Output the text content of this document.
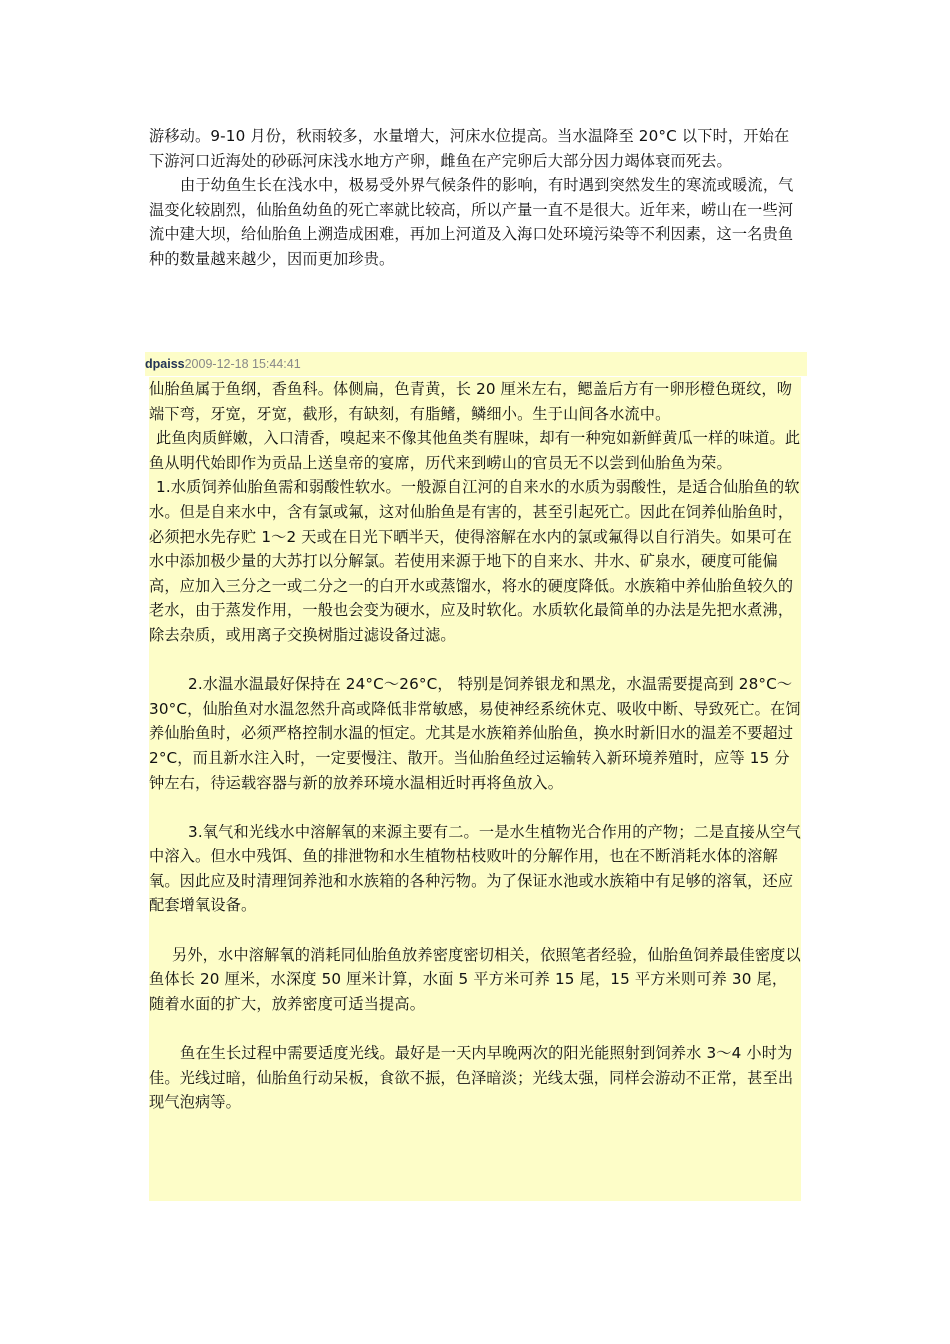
游移动。9-10 月份，秋雨较多，水量增大，河床水位提高。当水温降至 20°C 以下时，开始在下游河口近海处的砂砾河床浅水地方产卵，雌鱼在产完卵后大部分因力竭体衰而死去。

由于幼鱼生长在浅水中，极易受外界气候条件的影响，有时遇到突然发生的寒流或暖流，气温变化较剧烈，仙胎鱼幼鱼的死亡率就比较高，所以产量一直不是很大。近年来，崂山在一些河流中建大坝，给仙胎鱼上溯造成困难，再加上河道及入海口处环境污染等不利因素，这一名贵鱼种的数量越来越少，因而更加珍贵。

dpaiss2009-12-18 15:44:41

仙胎鱼属于鱼纲，香鱼科。体侧扁，色青黄，长 20 厘米左右，鳃盖后方有一卵形橙色斑纹，吻端下弯，牙宽，牙宽，截形，有缺刻，有脂鳍，鳞细小。生于山间各水流中。

此鱼肉质鲜嫩，入口清香，嗅起来不像其他鱼类有腥味，却有一种宛如新鲜黄瓜一样的味道。此鱼从明代始即作为贡品上送皇帝的宴席，历代来到崂山的官员无不以尝到仙胎鱼为荣。

1.水质饲养仙胎鱼需和弱酸性软水。一般源自江河的自来水的水质为弱酸性，是适合仙胎鱼的软水。但是自来水中，含有氯或氟，这对仙胎鱼是有害的，甚至引起死亡。因此在饲养仙胎鱼时，必须把水先存贮 1～2 天或在日光下晒半天，使得溶解在水内的氯或氟得以自行消失。如果可在水中添加极少量的大苏打以分解氯。若使用来源于地下的自来水、井水、矿泉水，硬度可能偏高，应加入三分之一或二分之一的白开水或蒸馏水，将水的硬度降低。水族箱中养仙胎鱼较久的老水，由于蒸发作用，一般也会变为硬水，应及时软化。水质软化最简单的办法是先把水煮沸，除去杂质，或用离子交换树脂过滤设备过滤。

2.水温水温最好保持在 24°C～26°C， 特别是饲养银龙和黑龙，水温需要提高到 28°C～30°C，仙胎鱼对水温忽然升高或降低非常敏感，易使神经系统休克、吸收中断、导致死亡。在饲养仙胎鱼时，必须严格控制水温的恒定。尤其是水族箱养仙胎鱼，换水时新旧水的温差不要超过 2°C，而且新水注入时，一定要慢注、散开。当仙胎鱼经过运输转入新环境养殖时，应等 15 分钟左右，待运载容器与新的放养环境水温相近时再将鱼放入。

3.氧气和光线水中溶解氧的来源主要有二。一是水生植物光合作用的产物；二是直接从空气中溶入。但水中残饵、鱼的排泄物和水生植物枯枝败叶的分解作用，也在不断消耗水体的溶解氧。因此应及时清理饲养池和水族箱的各种污物。为了保证水池或水族箱中有足够的溶氧，还应配套增氧设备。

另外，水中溶解氧的消耗同仙胎鱼放养密度密切相关，依照笔者经验，仙胎鱼饲养最佳密度以鱼体长 20 厘米，水深度 50 厘米计算，水面 5 平方米可养 15 尾，15 平方米则可养 30 尾，随着水面的扩大，放养密度可适当提高。

鱼在生长过程中需要适度光线。最好是一天内早晚两次的阳光能照射到饲养水 3～4 小时为佳。光线过暗，仙胎鱼行动呆板，食欲不振，色泽暗淡；光线太强，同样会游动不正常，甚至出现气泡病等。
